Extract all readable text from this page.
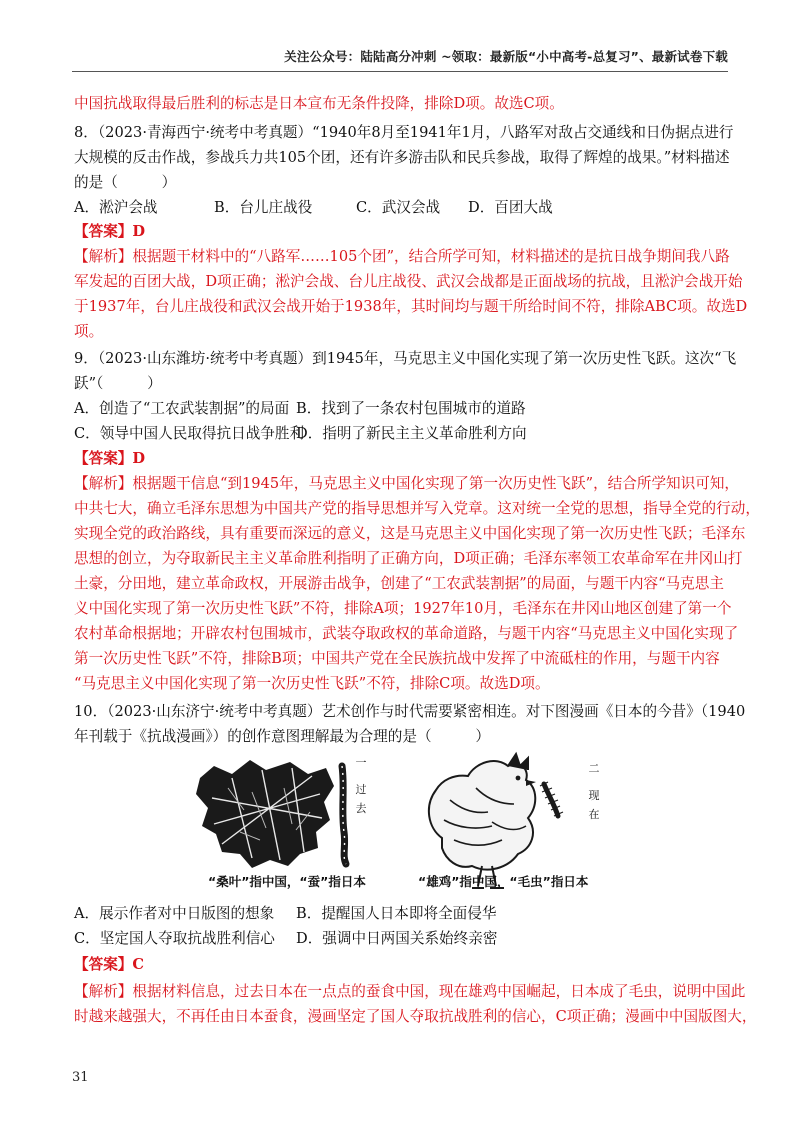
关注公众号：陆陆高分冲刺 ~领取：最新版“小中高考-总复习”、最新试卷下载
中国抗战取得最后胜利的标志是日本宣布无条件投降，排除D项。故选C项。
8．（2023·青海西宁·统考中考真题）“1940年8月至1941年1月，八路军对敌占交通线和日伪据点进行
大规模的反击作战，参战兵力共105个团，还有许多游击队和民兵参战，取得了辉煌的战果。”材料描述
的是（　　　）
A．淞沪会战	B．台儿庄战役	C．武汉会战 D．百团大战
【答案】D
【解析】根据题干材料中的“八路军……105个团”，结合所学可知，材料描述的是抗日战争期间我八路
军发起的百团大战，D项正确；淞沪会战、台儿庄战役、武汉会战都是正面战场的抗战，且淞沪会战开始
于1937年，台儿庄战役和武汉会战开始于1938年，其时间均与题干所给时间不符，排除ABC项。故选D
项。
9．（2023·山东潍坊·统考中考真题）到1945年，马克思主义中国化实现了第一次历史性飞跃。这次“飞
跃”（　　　）
A．创造了“工农武装割据”的局面 B．找到了一条农村包围城市的道路
C．领导中国人民取得抗日战争胜利D．指明了新民主主义革命胜利方向
【答案】D
【解析】根据题干信息“到1945年，马克思主义中国化实现了第一次历史性飞跃”，结合所学知识可知，
中共七大，确立毛泽东思想为中国共产党的指导思想并写入党章。这对统一全党的思想，指导全党的行动，
实现全党的政治路线，具有重要而深远的意义，这是马克思主义中国化实现了第一次历史性飞跃；毛泽东
思想的创立，为夺取新民主主义革命胜利指明了正确方向，D项正确；毛泽东率领工农革命军在井冈山打
土豪，分田地，建立革命政权，开展游击战争，创建了“工农武装割据”的局面，与题干内容“马克思主
义中国化实现了第一次历史性飞跃”不符，排除A项；1927年10月，毛泽东在井冈山地区创建了第一个
农村革命根据地；开辟农村包围城市，武装夺取政权的革命道路，与题干内容“马克思主义中国化实现了
第一次历史性飞跃”不符，排除B项；中国共产党在全民族抗战中发挥了中流砥柱的作用，与题干内容
“马克思主义中国化实现了第一次历史性飞跃”不符，排除C项。故选D项。
10．（2023·山东济宁·统考中考真题）艺术创作与时代需要紧密相连。对下图漫画《日本的今昔》（1940
年刊载于《抗战漫画》）的创作意图理解最为合理的是（　　　）
一
过
去
二
现
在
“桑叶”指中国，“蚕”指日本	“雄鸡”指中国，“毛虫”指日本
A．展示作者对中日版图的想象 B．提醒国人日本即将全面侵华
C．坚定国人夺取抗战胜利信心 D．强调中日两国关系始终亲密
【答案】C
【解析】根据材料信息，过去日本在一点点的蚕食中国，现在雄鸡中国崛起，日本成了毛虫，说明中国此
时越来越强大，不再任由日本蚕食，漫画坚定了国人夺取抗战胜利的信心，C项正确；漫画中中国版图大，
31
